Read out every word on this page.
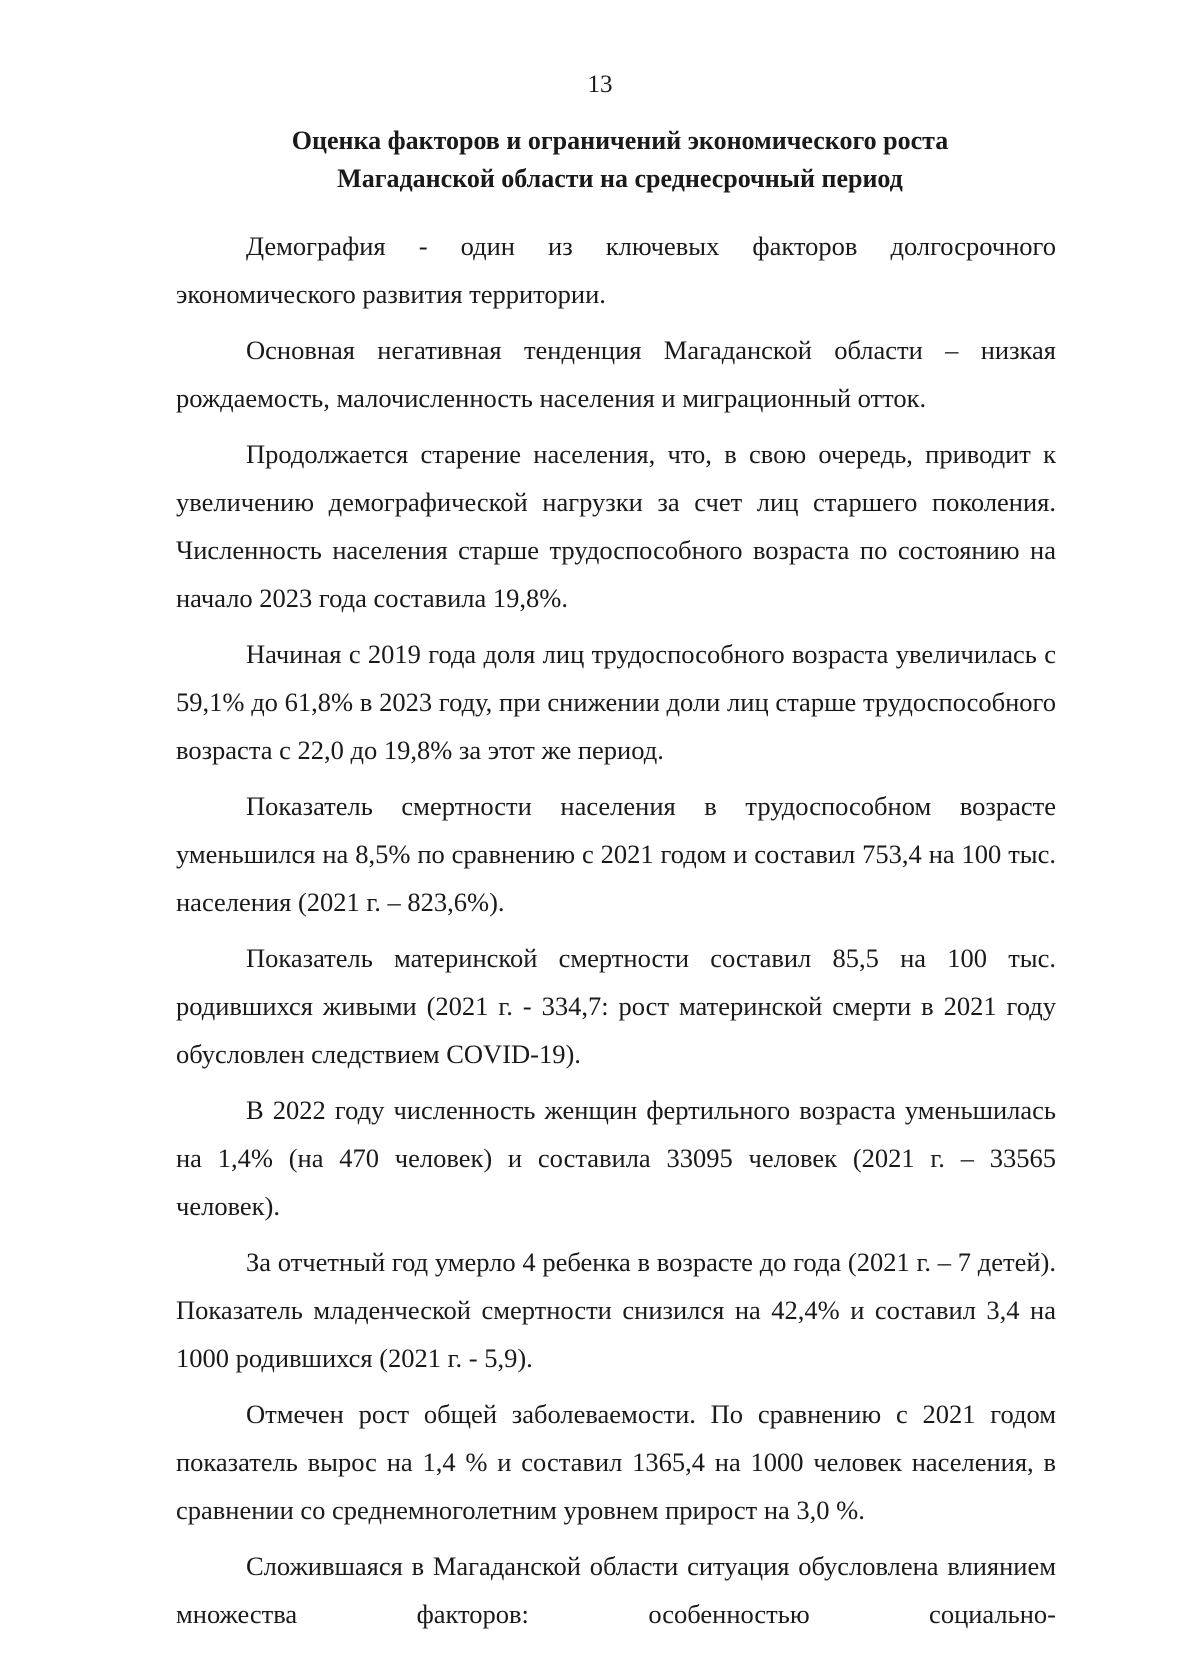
13
Оценка факторов и ограничений экономического роста
Магаданской области на среднесрочный период

Демография - один из ключевых факторов долгосрочного экономического развития территории.

Основная негативная тенденция Магаданской области – низкая рождаемость, малочисленность населения и миграционный отток.

Продолжается старение населения, что, в свою очередь, приводит к увеличению демографической нагрузки за счет лиц старшего поколения. Численность населения старше трудоспособного возраста по состоянию на начало 2023 года составила 19,8%.

Начиная с 2019 года доля лиц трудоспособного возраста увеличилась с 59,1% до 61,8% в 2023 году, при снижении доли лиц старше трудоспособного возраста с 22,0 до 19,8% за этот же период.

Показатель смертности населения в трудоспособном возрасте уменьшился на 8,5% по сравнению с 2021 годом и составил 753,4 на 100 тыс. населения (2021 г. – 823,6%).

Показатель материнской смертности составил 85,5 на 100 тыс. родившихся живыми (2021 г. - 334,7: рост материнской смерти в 2021 году обусловлен следствием COVID-19).

В 2022 году численность женщин фертильного возраста уменьшилась на 1,4% (на 470 человек) и составила 33095 человек (2021 г. – 33565 человек).

За отчетный год умерло 4 ребенка в возрасте до года (2021 г. – 7 детей). Показатель младенческой смертности снизился на 42,4% и составил 3,4 на 1000 родившихся (2021 г. - 5,9).

Отмечен рост общей заболеваемости. По сравнению с 2021 годом показатель вырос на 1,4 % и составил 1365,4 на 1000 человек населения, в сравнении со среднемноголетним уровнем прирост на 3,0 %.

Сложившаяся в Магаданской области ситуация обусловлена влиянием множества факторов: особенностью социально-
